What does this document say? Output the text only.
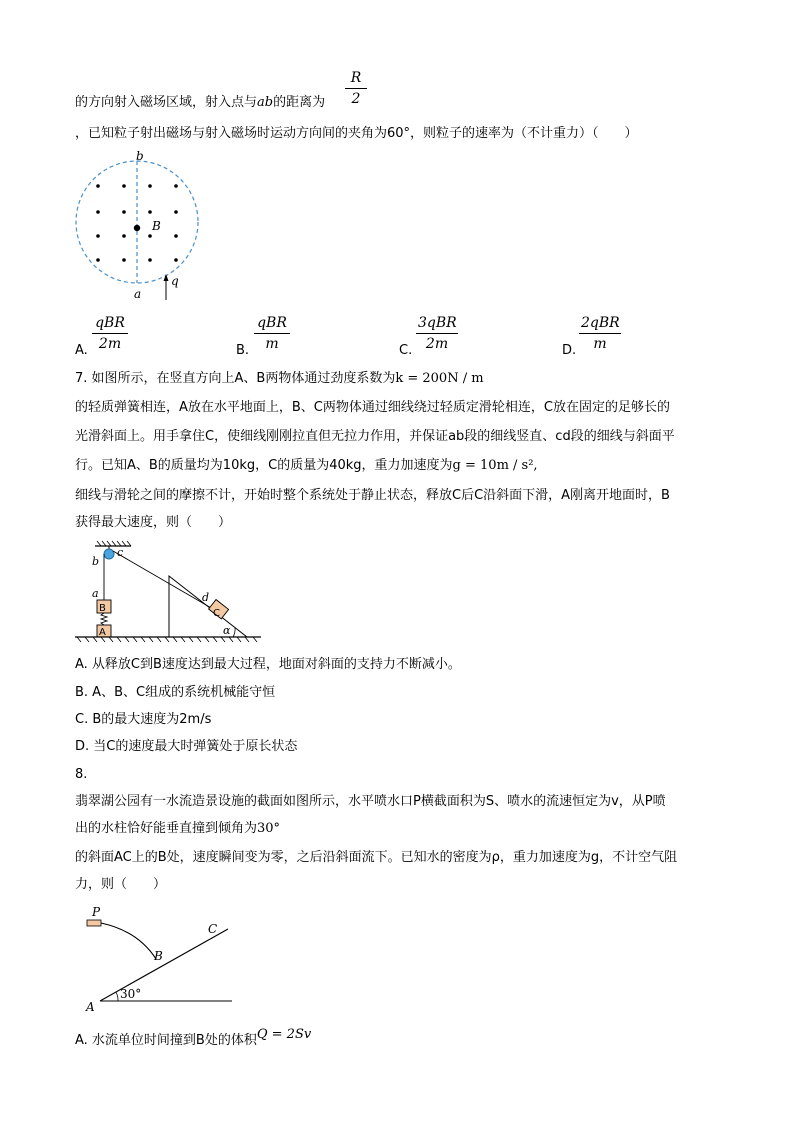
$\frac{R}{2}$
的方向射入磁场区域，射入点与ab的距离为
，已知粒子射出磁场与射入磁场时运动方向间的夹角为60°，则粒子的速率为（不计重力）（　　）
b
B
a
q
A.
qBR
2m	B.
qBR
m	C.
3qBR
2m	D.
2qBR
m
7. 如图所示，在竖直方向上A、B两物体通过劲度系数为k = 200N / m
的轻质弹簧相连，A放在水平地面上，B、C两物体通过细线绕过轻质定滑轮相连，C放在固定的足够长的
光滑斜面上。用手拿住C，使细线刚刚拉直但无拉力作用，并保证ab段的细线竖直、cd段的细线与斜面平
行。已知A、B的质量均为10kg，C的质量为40kg，重力加速度为g = 10m / s²,
细线与滑轮之间的摩擦不计，开始时整个系统处于静止状态，释放C后C沿斜面下滑，A刚离开地面时，B
获得最大速度，则（　　）
c
b
a
B
A
d
C
α
A. 从释放C到B速度达到最大过程，地面对斜面的支持力不断减小。
B. A、B、C组成的系统机械能守恒
C. B的最大速度为2m/s
D. 当C的速度最大时弹簧处于原长状态
8.
翡翠湖公园有一水流造景设施的截面如图所示，水平喷水口P横截面积为S、喷水的流速恒定为v，从P喷
出的水柱恰好能垂直撞到倾角为30°
的斜面AC上的B处，速度瞬间变为零，之后沿斜面流下。已知水的密度为ρ，重力加速度为g，不计空气阻
力，则（　　）
P
B
C
A
30°
A. 水流单位时间撞到B处的体积Q = 2Sv
